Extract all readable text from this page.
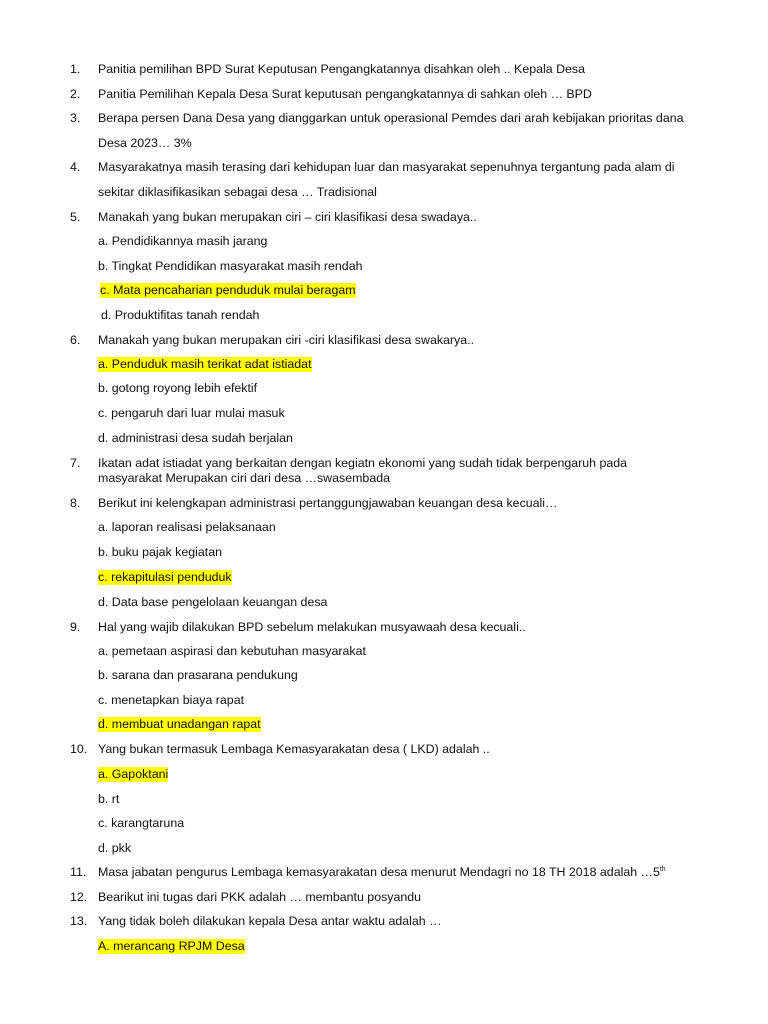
1. Panitia pemilihan BPD Surat Keputusan Pengangkatannya disahkan oleh .. Kepala Desa
2. Panitia Pemilihan Kepala Desa Surat keputusan pengangkatannya di sahkan oleh … BPD
3. Berapa persen Dana Desa yang dianggarkan untuk operasional Pemdes dari arah kebijakan prioritas dana
Desa 2023… 3%
4. Masyarakatnya masih terasing dari kehidupan luar dan masyarakat sepenuhnya tergantung pada alam di
sekitar diklasifikasikan sebagai desa … Tradisional
5. Manakah yang bukan merupakan ciri – ciri klasifikasi desa swadaya..
a. Pendidikannya masih jarang
b. Tingkat Pendidikan masyarakat masih rendah
c. Mata pencaharian penduduk mulai beragam
d. Produktifitas tanah rendah
6. Manakah yang bukan merupakan ciri -ciri klasifikasi desa swakarya..
a. Penduduk masih terikat adat istiadat
b. gotong royong lebih efektif
c. pengaruh dari luar mulai masuk
d. administrasi desa sudah berjalan
7. Ikatan adat istiadat yang berkaitan dengan kegiatn ekonomi yang sudah tidak berpengaruh pada
masyarakat Merupakan ciri dari desa …swasembada
8. Berikut ini kelengkapan administrasi pertanggungjawaban keuangan desa kecuali…
a. laporan realisasi pelaksanaan
b. buku pajak kegiatan
c. rekapitulasi penduduk
d. Data base pengelolaan keuangan desa
9. Hal yang wajib dilakukan BPD sebelum melakukan musyawaah desa kecuali..
a. pemetaan aspirasi dan kebutuhan masyarakat
b. sarana dan prasarana pendukung
c. menetapkan biaya rapat
d. membuat unadangan rapat
10. Yang bukan termasuk Lembaga Kemasyarakatan desa ( LKD) adalah ..
a. Gapoktani
b. rt
c. karangtaruna
d. pkk
11. Masa jabatan pengurus Lembaga kemasyarakatan desa menurut Mendagri no 18 TH 2018 adalah …5th
12. Bearikut ini tugas dari PKK adalah … membantu posyandu
13. Yang tidak boleh dilakukan kepala Desa antar waktu adalah …
A. merancang RPJM Desa
